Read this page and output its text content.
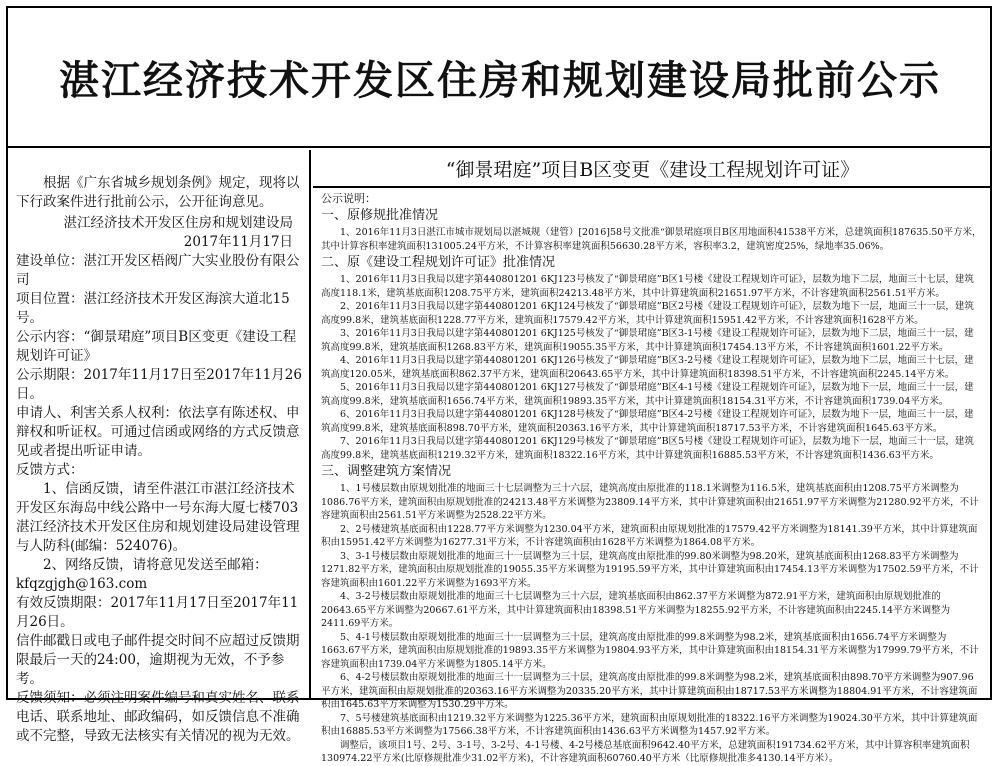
湛江经济技术开发区住房和规划建设局批前公示

根据《广东省城乡规划条例》规定，现将以下行政案件进行批前公示，公开征询意见。

湛江经济技术开发区住房和规划建设局

2017年11月17日

建设单位：湛江开发区梧阀广大实业股份有限公司

项目位置：湛江经济技术开发区海滨大道北15号。

公示内容：“御景珺庭”项目B区变更《建设工程规划许可证》

公示期限：2017年11月17日至2017年11月26日。

申请人、利害关系人权利：依法享有陈述权、申辩权和听证权。可通过信函或网络的方式反馈意见或者提出听证申请。

反馈方式：

1、信函反馈，请至件湛江市湛江经济技术开发区东海岛中线公路中一号东海大厦七楼703湛江经济技术开发区住房和规划建设局建设管理与人防科(邮编：524076)。

2、网络反馈，请将意见发送至邮箱：kfqzgjgh@163.com

有效反馈期限：2017年11月17日至2017年11月26日。

信件邮戳日或电子邮件提交时间不应超过反馈期限最后一天的24:00，逾期视为无效，不予参考。

反馈须知：必须注明案件编号和真实姓名、联系电话、联系地址、邮政编码，如反馈信息不准确或不完整，导致无法核实有关情况的视为无效。

“御景珺庭”项目B区变更《建设工程规划许可证》

公示说明：

一、原修规批准情况

1、2016年11月3日湛江市城市规划局以湛城规（建管）[2016]58号文批准“御景珺庭项目B区用地面积41538平方米，总建筑面积187635.50平方米，其中计算容积率建筑面积131005.24平方米，不计算容积率建筑面积56630.28平方米，容积率3.2，建筑密度25%，绿地率35.06%。

二、原《建设工程规划许可证》批准情况

1、2016年11月3日我局以建字第440801201 6KJ123号核发了“御景珺庭”B区1号楼《建设工程规划许可证》，层数为地下二层，地面三十七层，建筑高度118.1米，建筑基底面积1208.75平方米，建筑面积24213.48平方米，其中计算建筑面积21651.97平方米，不计容建筑面积2561.51平方米。

2、2016年11月3日我局以建字第440801201 6KJ124号核发了“御景珺庭”B区2号楼《建设工程规划许可证》，层数为地下一层，地面三十一层，建筑高度99.8米，建筑基底面积1228.77平方米，建筑面积17579.42平方米，其中计算建筑面积15951.42平方米，不计容建筑面积1628平方米。

3、2016年11月3日我局以建字第440801201 6KJ125号核发了“御景珺庭”B区3-1号楼《建设工程规划许可证》，层数为地下二层，地面三十一层，建筑高度99.8米，建筑基底面积1268.83平方米，建筑面积19055.35平方米，其中计算建筑面积17454.13平方米，不计容建筑面积1601.22平方米。

4、2016年11月3日我局以建字第440801201 6KJ126号核发了“御景珺庭”B区3-2号楼《建设工程规划许可证》，层数为地下二层，地面三十七层，建筑高度120.05米，建筑基底面积862.37平方米，建筑面积20643.65平方米，其中计算建筑面积18398.51平方米，不计容建筑面积2245.14平方米。

5、2016年11月3日我局以建字第440801201 6KJ127号核发了“御景珺庭”B区4-1号楼《建设工程规划许可证》，层数为地下一层，地面三十一层，建筑高度99.8米，建筑基底面积1656.74平方米，建筑面积19893.35平方米，其中计算建筑面积18154.31平方米，不计容建筑面积1739.04平方米。

6、2016年11月3日我局以建字第440801201 6KJ128号核发了“御景珺庭”B区4-2号楼《建设工程规划许可证》，层数为地下一层，地面三十一层，建筑高度99.8米，建筑基底面积898.70平方米，建筑面积20363.16平方米，其中计算建筑面积18717.53平方米，不计容建筑面积1645.63平方米。

7、2016年11月3日我局以建字第440801201 6KJ129号核发了“御景珺庭”B区5号楼《建设工程规划许可证》，层数为地下一层，地面三十一层，建筑高度99.8米，建筑基底面积1219.32平方米，建筑面积18322.16平方米，其中计算建筑面积16885.53平方米，不计容建筑面积1436.63平方米。

三、调整建筑方案情况

1、1号楼层数由原规划批准的地面三十七层调整为三十六层，建筑高度由原批准的118.1米调整为116.5米，建筑基底面积由1208.75平方米调整为1086.76平方米，建筑面积由原规划批准的24213.48平方米调整为23809.14平方米，其中计算建筑面积由21651.97平方米调整为21280.92平方米，不计容建筑面积由2561.51平方米调整为2528.22平方米。

2、2号楼建筑基底面积由1228.77平方米调整为1230.04平方米，建筑面积由原规划批准的17579.42平方米调整为18141.39平方米，其中计算建筑面积由15951.42平方米调整为16277.31平方米，不计容建筑面积由1628平方米调整为1864.08平方米。

3、3-1号楼层数由原规划批准的地面三十一层调整为三十层，建筑高度由原批准的99.80米调整为98.20米，建筑基底面积由1268.83平方米调整为1271.82平方米，建筑面积由原规划批准的19055.35平方米调整为19195.59平方米，其中计算建筑面积由17454.13平方米调整为17502.59平方米，不计容建筑面积由1601.22平方米调整为1693平方米。

4、3-2号楼层数由原规划批准的地面三十七层调整为三十六层，建筑基底面积由862.37平方米调整为872.91平方米，建筑面积由原规划批准的20643.65平方米调整为20667.61平方米，其中计算建筑面积由18398.51平方米调整为18255.92平方米，不计容建筑面积由2245.14平方米调整为2411.69平方米。

5、4-1号楼层数由原规划批准的地面三十一层调整为三十层，建筑高度由原批准的99.8米调整为98.2米，建筑基底面积由1656.74平方米调整为1663.67平方米，建筑面积由原规划批准的19893.35平方米调整为19804.93平方米，其中计算建筑面积由18154.31平方米调整为17999.79平方米，不计容建筑面积由1739.04平方米调整为1805.14平方米。

6、4-2号楼层数由原规划批准的地面三十一层调整为三十层，建筑高度由原批准的99.8米调整为98.2米，建筑基底面积由898.70平方米调整为907.96平方米，建筑面积由原规划批准的20363.16平方米调整为20335.20平方米，其中计算建筑面积由18717.53平方米调整为18804.91平方米，不计容建筑面积由1645.63平方米调整为1530.29平方米。

7、5号楼建筑基底面积由1219.32平方米调整为1225.36平方米，建筑面积由原规划批准的18322.16平方米调整为19024.30平方米，其中计算建筑面积由16885.53平方米调整为17566.38平方米，不计容建筑面积由1436.63平方米调整为1457.92平方米。

调整后，该项目1号、2号、3-1号、3-2号、4-1号楼、4-2号楼总基底面积9642.40平方米，总建筑面积191734.62平方米，其中计算容积率建筑面积130974.22平方米(比原修规批准少31.02平方米)，不计容建筑面积60760.40平方米（比原修规批准多4130.14平方米）。
